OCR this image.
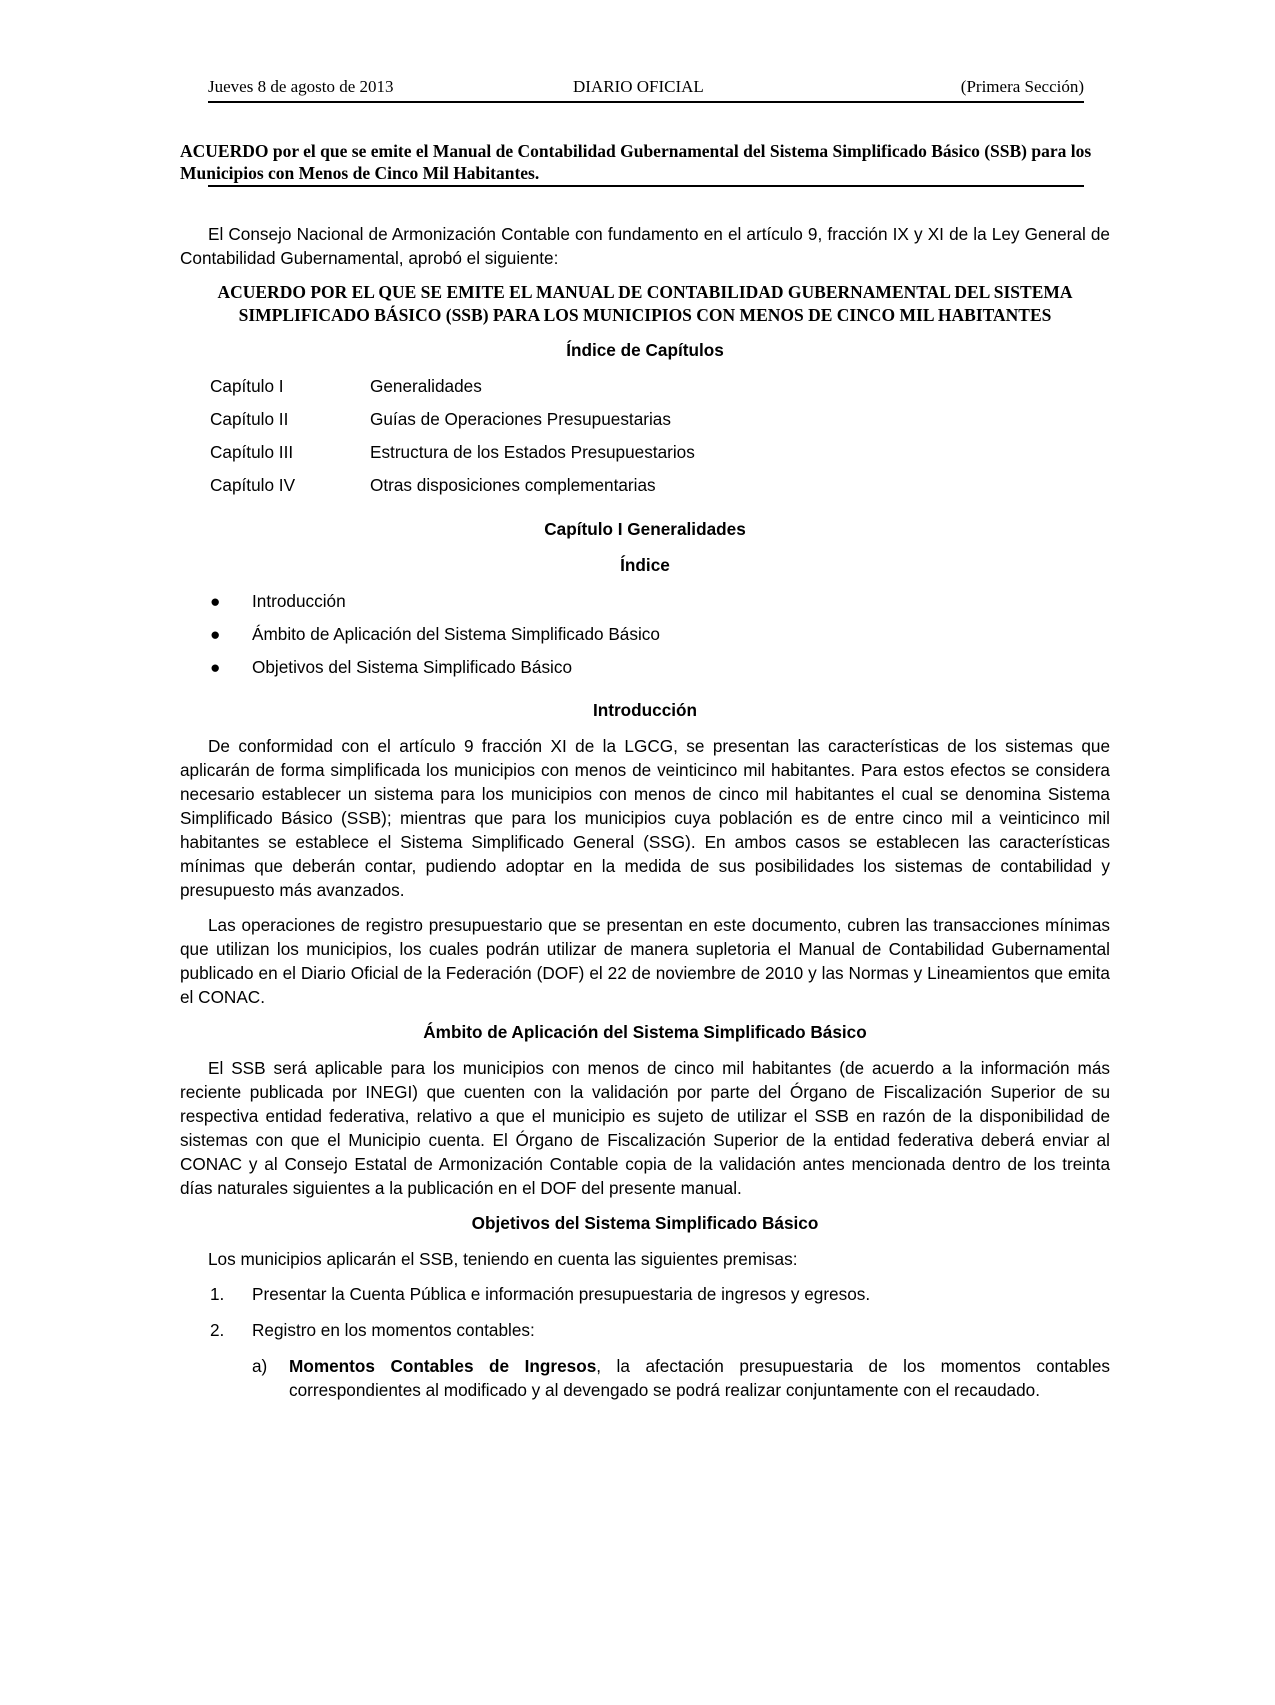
Jueves 8 de agosto de 2013	DIARIO OFICIAL	(Primera Sección)
ACUERDO por el que se emite el Manual de Contabilidad Gubernamental del Sistema Simplificado Básico (SSB) para los Municipios con Menos de Cinco Mil Habitantes.

El Consejo Nacional de Armonización Contable con fundamento en el artículo 9, fracción IX y XI de la Ley General de Contabilidad Gubernamental, aprobó el siguiente:

ACUERDO POR EL QUE SE EMITE EL MANUAL DE CONTABILIDAD GUBERNAMENTAL DEL SISTEMA SIMPLIFICADO BÁSICO (SSB) PARA LOS MUNICIPIOS CON MENOS DE CINCO MIL HABITANTES
Índice de Capítulos
Capítulo I	Generalidades
Capítulo II	Guías de Operaciones Presupuestarias
Capítulo III	Estructura de los Estados Presupuestarios
Capítulo IV	Otras disposiciones complementarias
Capítulo I Generalidades
Índice
●	Introducción
●	Ámbito de Aplicación del Sistema Simplificado Básico
●	Objetivos del Sistema Simplificado Básico
Introducción

De conformidad con el artículo 9 fracción XI de la LGCG, se presentan las características de los sistemas que aplicarán de forma simplificada los municipios con menos de veinticinco mil habitantes. Para estos efectos se considera necesario establecer un sistema para los municipios con menos de cinco mil habitantes el cual se denomina Sistema Simplificado Básico (SSB); mientras que para los municipios cuya población es de entre cinco mil a veinticinco mil habitantes se establece el Sistema Simplificado General (SSG). En ambos casos se establecen las características mínimas que deberán contar, pudiendo adoptar en la medida de sus posibilidades los sistemas de contabilidad y presupuesto más avanzados.

Las operaciones de registro presupuestario que se presentan en este documento, cubren las transacciones mínimas que utilizan los municipios, los cuales podrán utilizar de manera supletoria el Manual de Contabilidad Gubernamental publicado en el Diario Oficial de la Federación (DOF) el 22 de noviembre de 2010 y las Normas y Lineamientos que emita el CONAC.

Ámbito de Aplicación del Sistema Simplificado Básico

El SSB será aplicable para los municipios con menos de cinco mil habitantes (de acuerdo a la información más reciente publicada por INEGI) que cuenten con la validación por parte del Órgano de Fiscalización Superior de su respectiva entidad federativa, relativo a que el municipio es sujeto de utilizar el SSB en razón de la disponibilidad de sistemas con que el Municipio cuenta. El Órgano de Fiscalización Superior de la entidad federativa deberá enviar al CONAC y al Consejo Estatal de Armonización Contable copia de la validación antes mencionada dentro de los treinta días naturales siguientes a la publicación en el DOF del presente manual.

Objetivos del Sistema Simplificado Básico

Los municipios aplicarán el SSB, teniendo en cuenta las siguientes premisas:

1.	Presentar la Cuenta Pública e información presupuestaria de ingresos y egresos.
2.	Registro en los momentos contables:
a)	Momentos Contables de Ingresos, la afectación presupuestaria de los momentos contables correspondientes al modificado y al devengado se podrá realizar conjuntamente con el recaudado.
